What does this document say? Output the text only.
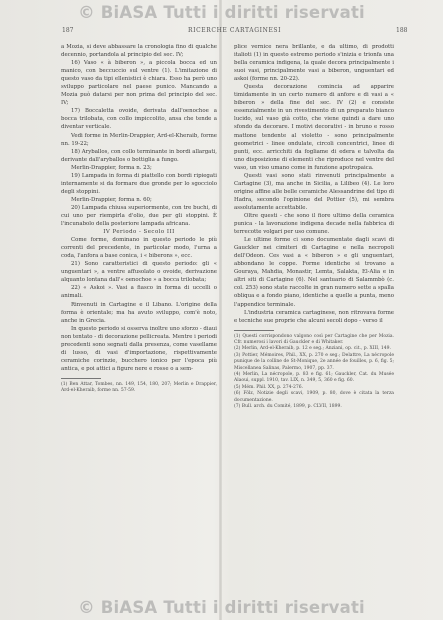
© BiASA Tutti i diritti riservati
187	RICERCHE CARTAGINESI	188

a Mozia, si deve abbassare la cronologia fino di qualche decennio, portandola al principio del sec. IV;

16) Vaso « à biberon », a piccola bocca ed un manico, con beccuccio sul ventre (1). L'imitazione di questo vaso da tipi ellenistici è chiara. Esso ha però uno sviluppo particolare nel paese punico. Mancando a Mozia può datarsi per non prima del principio del sec. IV;

17) Boccaletta ovoide, derivata dall'oenochoe a bocca trilobata, con collo impiccolito, ansa che tende a diventar verticale.

Vedi forme in Merlin-Drappier, Ard-el-Kheraib, forme nn. 19-22;

18) Aryballos, con collo terminante in bordi allargati, derivante dall'aryballos o bottiglia a fungo.

Merlin-Drappier, forma n. 23;

19) Lampada in forma di piattello con bordi ripiegati internamente si da formare due gronde per lo sgocciolo degli stoppini.

Merlin-Drappier, forma n. 60;

20) Lampada chiusa superiormente, con tre buchi, di cui uno per riempirla d'olio, due per gli stoppini. È l'incunabolo della posteriore lampada africana.

IV Periodo - Secolo III

Come forme, dominano in questo periodo le più correnti del precedente, in particolar modo, l'urna a coda, l'anfora a base conica, i « biberons », ecc.

21) Sono caratteristici di questo periodo: gli « unguentari », a ventre affusolato o ovoide, derivazione alquanto lontana dall'« oenochoe » a bocca trilobata;

22) « Askoi ». Vasi a fiasco in forma di uccelli o animali.

Rinvenuti in Cartagine e il Libano. L'origine della forma è orientale; ma ha avuto sviluppo, com'è noto, anche in Grecia.

In questo periodo si osserva inoltre uno sforzo - diaui non tentato - di decorazione pellicreata. Mentre i periodi precedenti sono segnati dalla presenza, come vasellame di lusso, di vasi d'importazione, rispettivamente ceramiche corinzie, bucchero ionico per l'epoca più antica, e poi attici a figure nere e rosse o a sem-

(1) Ben Attar, Tombes, nn. 149, 154, 180, 207; Merlin e Drappier, Ard-el-Kheraib, forme nn. 57-59.

plice vernice nera brillante, e da ultimo, di prodotti italioti (1) in questo estremo periodo s'inizia e trionfa una bella ceramica indigena, la quale decora principalmente i suoi vasi, principalmente vasi a biberon, unguentari ed askoi (forme nn. 20-22).

Questa decorazione comincia ad apparire timidamente in un certo numero di anfore e di vasi a « biberon » della fine del sec. IV (2) e consiste essenzialmente in un rivestimento di un preparato bianco lucido, sul vaso già cotto, che viene quindi a dare uno sfondo da decorare. I motivi decorativi - in bruno e rosso mattone tendente al violetto - sono principalmente geometrici - linee ondulate, circoli concentrici, linee di punti, ecc. arricchiti da fogliame di edera e talvolta da uno disposizione di elementi che riproduce nel ventre del vaso, un viso umano come in funzione apotropaica.

Questi vasi sono stati rinvenuti principalmente a Cartagine (3), ma anche in Sicilia, a Lilibeo (4). Le loro origine affine alle belle ceramiche Alessandrine del tipo di Hadra, secondo l'opinione del Pottier (5), mi sembra assolutamente accettabile.

Oltre questi - che sono il fiore ultimo della ceramica punica - la lavorazione indigena decade nella fabbrica di terrecotte volgari per uso comune.

Le ultime forme ci sono documentate dagli scavi di Gauckler nei cimiteri di Cartagine e nella necropoli dell'Odeon. Ces vasi a « biberon » e gli unguentari, abbondano le coppe. Forme identiche si trovano a Gouraya, Mahdia, Monastir, Lemta, Salakta, El-Alia e in altri siti di Cartagine (6). Nel santuario di Salammbò (c. col. 253) sono state raccolte in gran numero sette a spalla obliqua e a fondo piano, identiche a quelle a punta, meno l'appendice terminale.

L'industria ceramica cartaginese, non ritrovava forme e tecniche sue proprie che alcuni secoli dopo - verso il

(1) Questi corrispondono valgono così per Cartagine che per Mozia. Cfr. numerosi i lavori di Gauckler e di Whitaker.

(2) Merlin, Ard-el-Kheraib, p. 12 e seg.; Anziani, op. cit., p. XIII, 149.

(3) Pottier, Mémoires, Phil., XX, p. 270 e seg.; Delattre, La nécropole punique de la colline de St-Monique, 2e année de fouilles, p. 6, fig. 5; Miscellanea Salinas, Palermo, 1907, pp. 37.

(4) Merlin, La nécropole, p. 83 e fig. 61; Gauckler, Cat. du Musée Alaoui, suppl. 1910, tav. LIX, n. 349, 5, 360 e fig. 60.

(5) Mém. Phil. XX, p. 274-276.

(6) Fölz, Notizie degli scavi, 1909, p. 80, dove è citata la terza documentazione.

(7) Bull. arch. du Comité, 1899, p. CLVII, 1899.

© BiASA Tutti i diritti riservati
